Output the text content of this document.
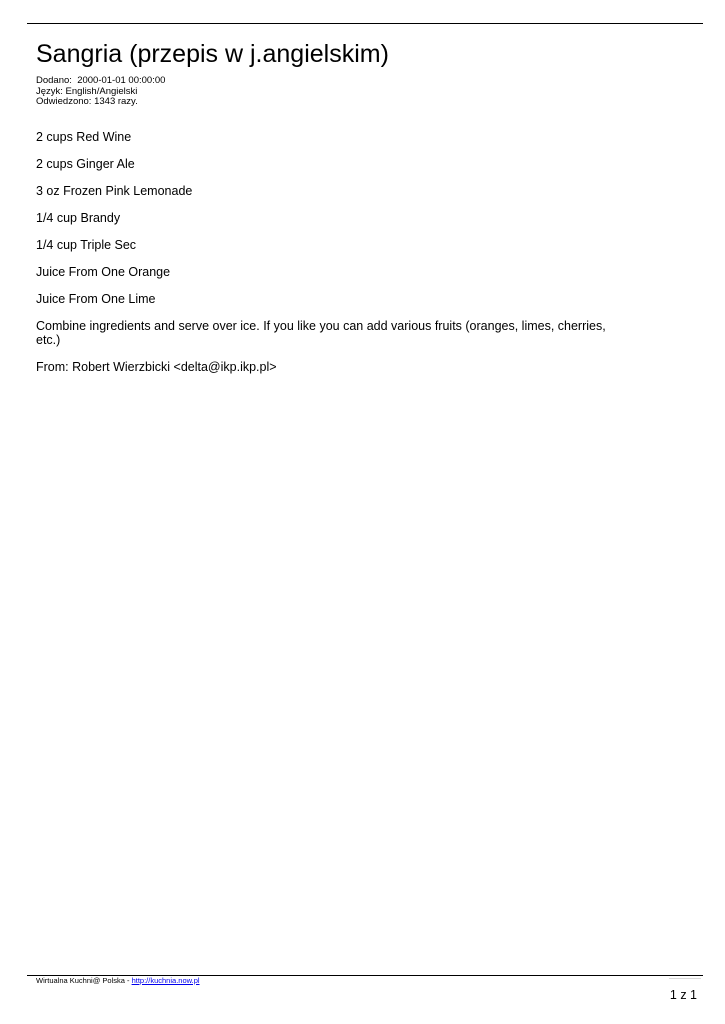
Sangria (przepis w j.angielskim)
Dodano:  2000-01-01 00:00:00
Język: English/Angielski
Odwiedzono: 1343 razy.

2 cups Red Wine

2 cups Ginger Ale

3 oz Frozen Pink Lemonade

1/4 cup Brandy

1/4 cup Triple Sec

Juice From One Orange

Juice From One Lime

Combine ingredients and serve over ice. If you like you can add various fruits (oranges, limes, cherries, etc.)

From: Robert Wierzbicki <delta@ikp.ikp.pl>

Wirtualna Kuchni@ Polska - http://kuchnia.now.pl
1 z 1
